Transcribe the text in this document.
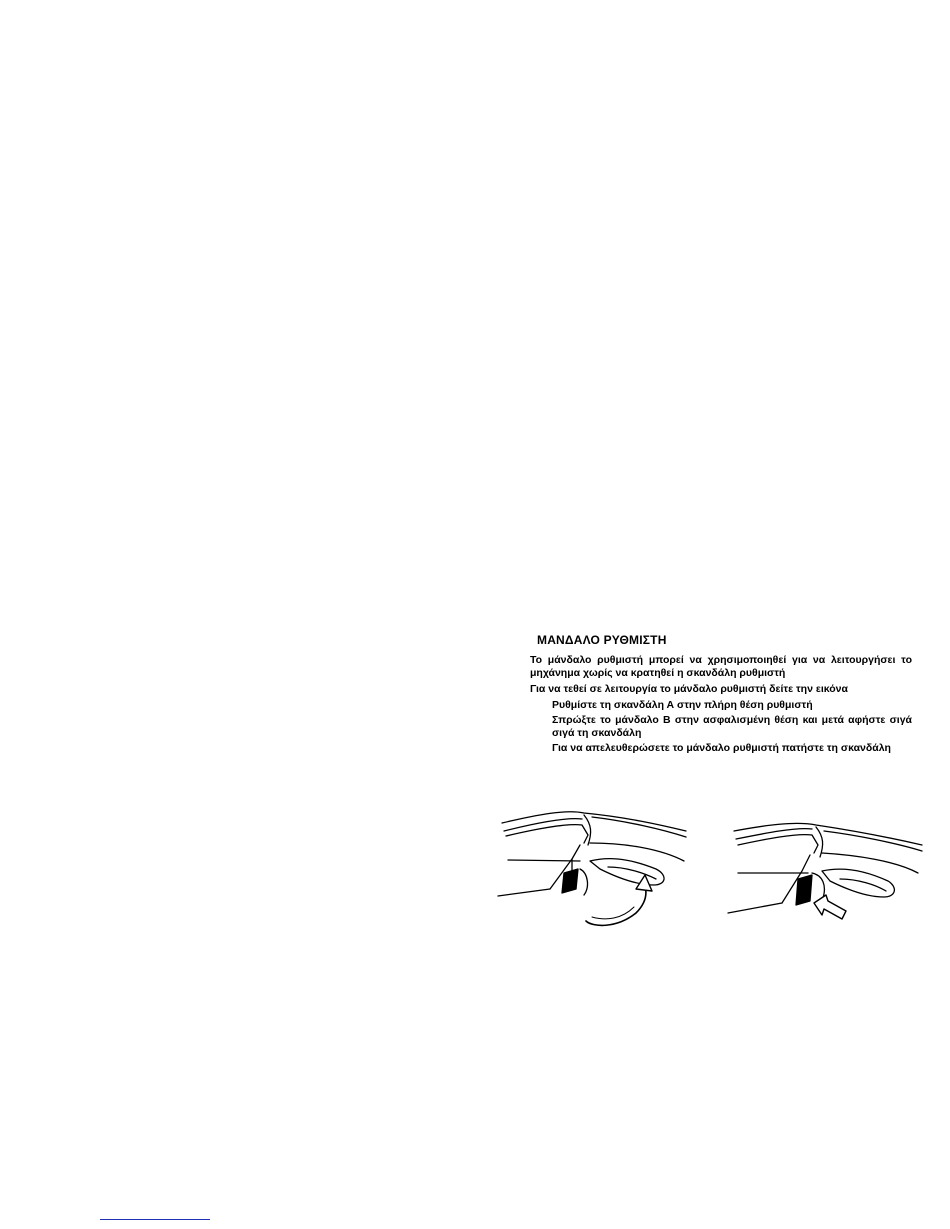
ΜΑΝΔΑΛΟ ΡΥΘΜΙΣΤΗ

Το μάνδαλο ρυθμιστή μπορεί να χρησιμοποιηθεί για να λειτουργήσει το μηχάνημα χωρίς να κρατηθεί η σκανδάλη ρυθμιστή

Για να τεθεί σε λειτουργία το μάνδαλο ρυθμιστή δείτε την εικόνα

Ρυθμίστε τη σκανδάλη Α στην πλήρη θέση ρυθμιστή
Σπρώξτε το μάνδαλο Β στην ασφαλισμένη θέση και μετά αφήστε σιγά σιγά τη σκανδάλη
Για να απελευθερώσετε το μάνδαλο ρυθμιστή πατήστε τη σκανδάλη
